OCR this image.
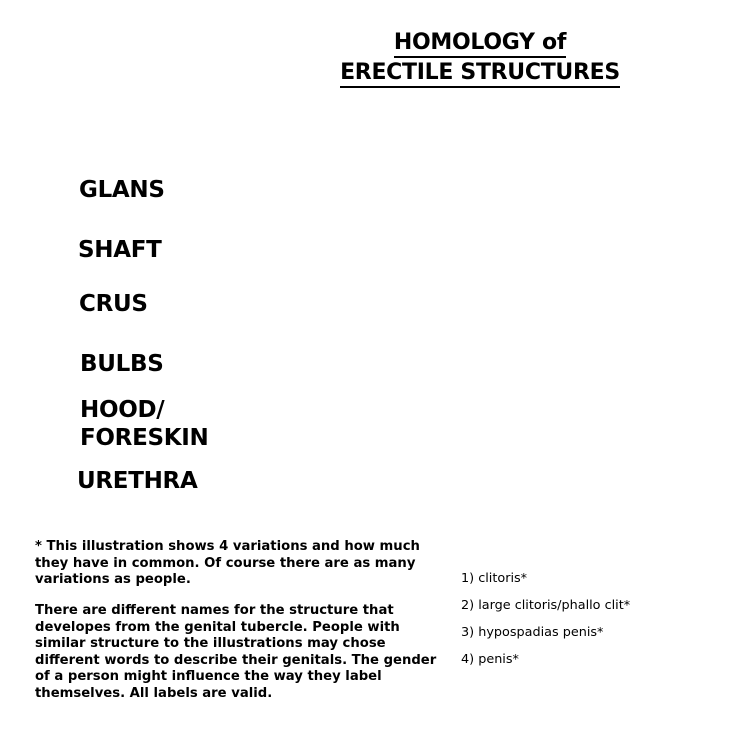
HOMOLOGY of
ERECTILE STRUCTURES
GLANS
SHAFT
CRUS
BULBS
HOOD/
FORESKIN
URETHRA
* This illustration shows 4 variations and how much they have in common. Of course there are as many variations as people.
There are different names for the structure that developes from the genital tubercle. People with similar structure to the illustrations may chose different words to describe their genitals. The gender of a person might influence the way they label themselves. All labels are valid.
1) clitoris*
2) large clitoris/phallo clit*
3) hypospadias penis*
4) penis*
